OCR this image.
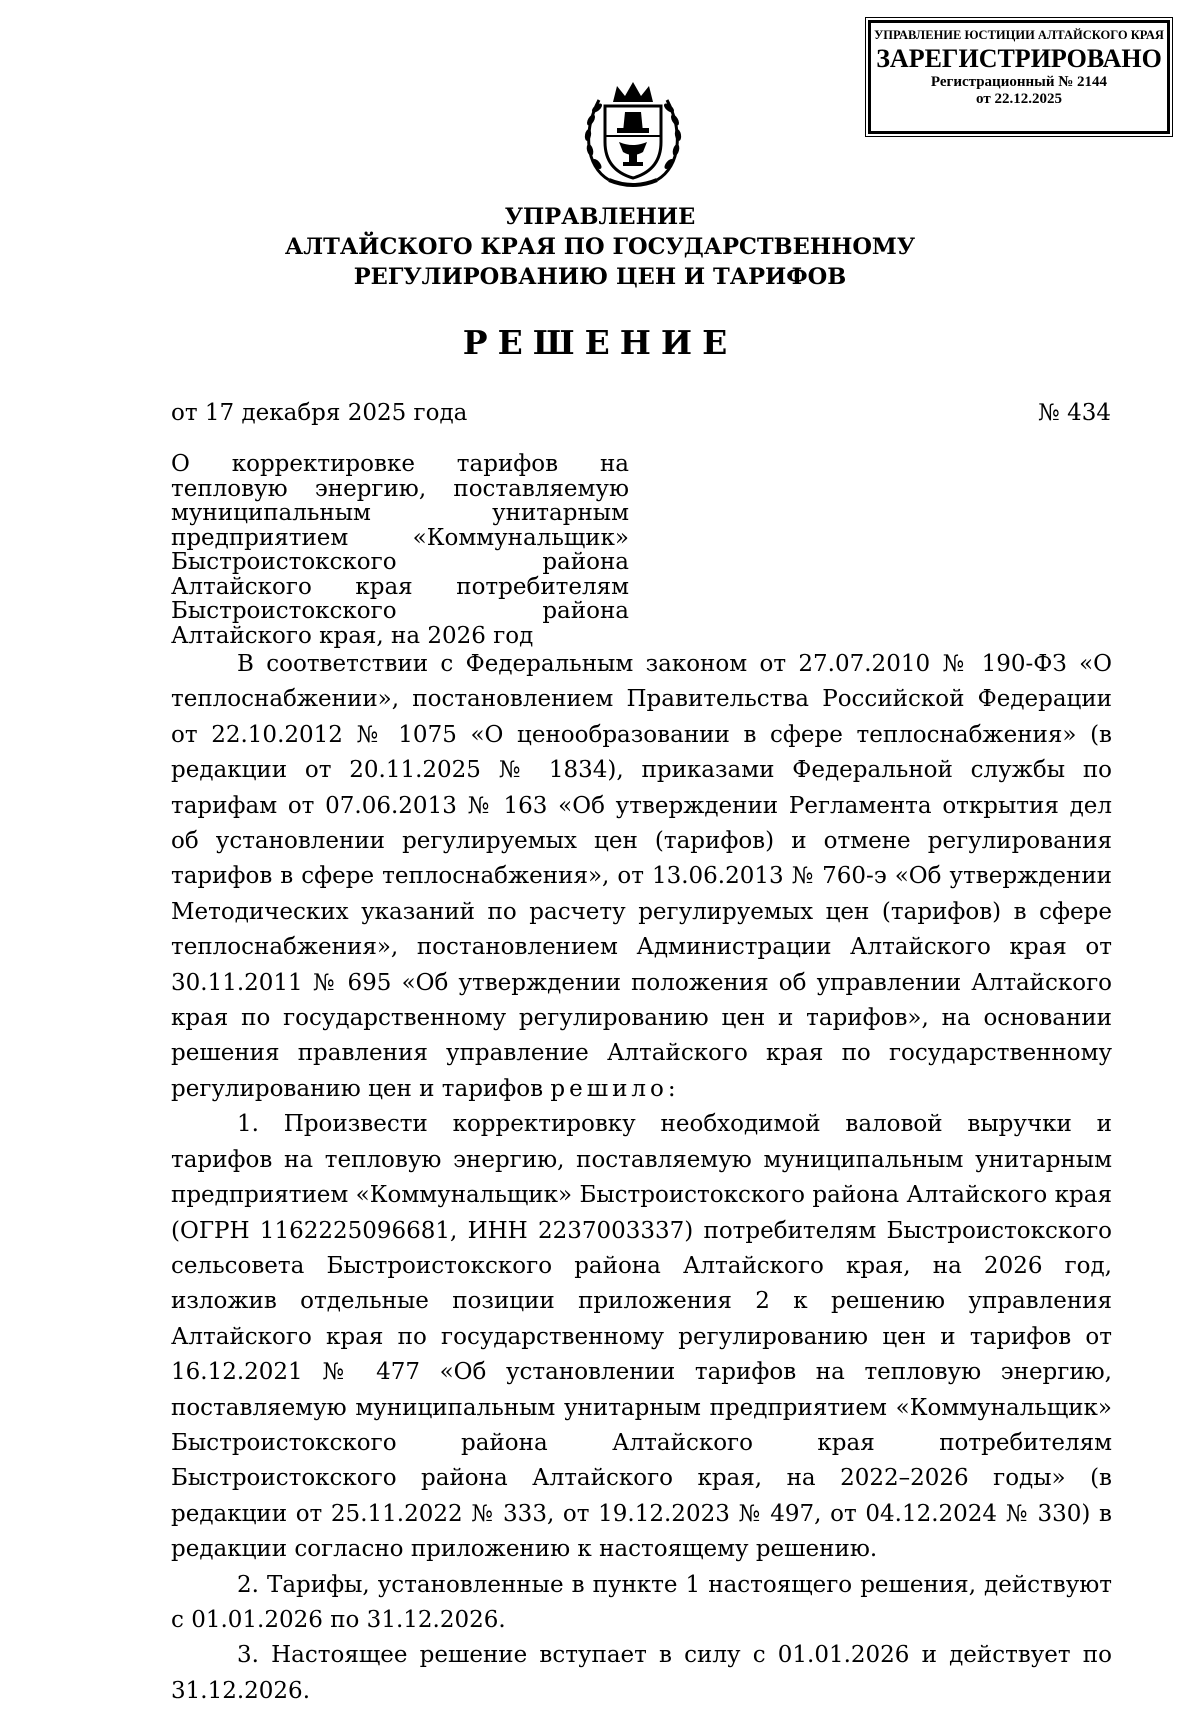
УПРАВЛЕНИЕ ЮСТИЦИИ АЛТАЙСКОГО КРАЯ
ЗАРЕГИСТРИРОВАНО
Регистрационный № 2144
от 22.12.2025
УПРАВЛЕНИЕ
АЛТАЙСКОГО КРАЯ ПО ГОСУДАРСТВЕННОМУ
РЕГУЛИРОВАНИЮ ЦЕН И ТАРИФОВ
РЕШЕНИЕ
от 17 декабря 2025 года	№ 434
О корректировке тарифов на тепловую энергию, поставляемую муниципальным унитарным предприятием «Коммунальщик» Быстроистокского района Алтайского края потребителям Быстроистокского района Алтайского края, на 2026 год

В соответствии с Федеральным законом от 27.07.2010 № 190-ФЗ «О теплоснабжении», постановлением Правительства Российской Федерации от 22.10.2012 № 1075 «О ценообразовании в сфере теплоснабжения» (в редакции от 20.11.2025 № 1834), приказами Федеральной службы по тарифам от 07.06.2013 № 163 «Об утверждении Регламента открытия дел об установлении регулируемых цен (тарифов) и отмене регулирования тарифов в сфере теплоснабжения», от 13.06.2013 № 760-э «Об утверждении Методических указаний по расчету регулируемых цен (тарифов) в сфере теплоснабжения», постановлением Администрации Алтайского края от 30.11.2011 № 695 «Об утверждении положения об управлении Алтайского края по государственному регулированию цен и тарифов», на основании решения правления управление Алтайского края по государственному регулированию цен и тарифов решило:

1. Произвести корректировку необходимой валовой выручки и тарифов на тепловую энергию, поставляемую муниципальным унитарным предприятием «Коммунальщик» Быстроистокского района Алтайского края (ОГРН 1162225096681, ИНН 2237003337) потребителям Быстроистокского сельсовета Быстроистокского района Алтайского края, на 2026 год, изложив отдельные позиции приложения 2 к решению управления Алтайского края по государственному регулированию цен и тарифов от 16.12.2021 № 477 «Об установлении тарифов на тепловую энергию, поставляемую муниципальным унитарным предприятием «Коммунальщик» Быстроистокского района Алтайского края потребителям Быстроистокского района Алтайского края, на 2022–2026 годы» (в редакции от 25.11.2022 № 333, от 19.12.2023 № 497, от 04.12.2024 № 330) в редакции согласно приложению к настоящему решению.

2. Тарифы, установленные в пункте 1 настоящего решения, действуют с 01.01.2026 по 31.12.2026.

3. Настоящее решение вступает в силу с 01.01.2026 и действует по 31.12.2026.
